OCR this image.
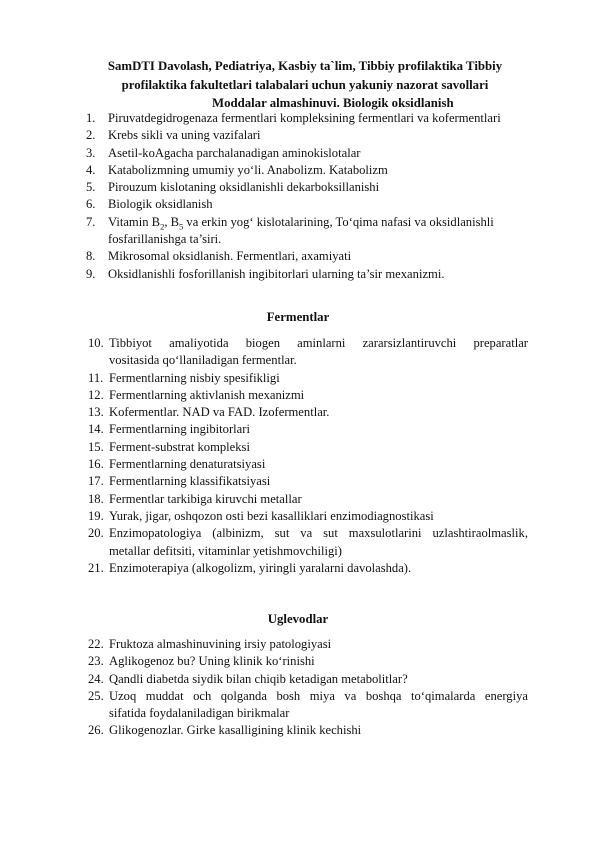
SamDTI Davolash, Pediatriya, Kasbiy ta`lim, Tibbiy profilaktika Tibbiy profilaktika fakultetlari talabalari uchun yakuniy nazorat savollari
Moddalar almashinuvi. Biologik oksidlanish
1. Piruvatdegidrogenaza fermentlari kompleksining fermentlari va kofermentlari
2. Krebs sikli va uning vazifalari
3. Asetil-koAgacha parchalanadigan aminokislotalar
4. Katabolizmning umumiy yo‘li. Anabolizm. Katabolizm
5. Pirouzum kislotaning oksidlanishli dekarboksillanishi
6. Biologik oksidlanish
7. Vitamin $B_2$, $B_5$ va erkin yog‘ kislotalarining, To‘qima nafasi va oksidlanishli fosfarillanishga ta’siri.
8. Mikrosomal oksidlanish. Fermentlari, axamiyati
9. Oksidlanishli fosforillanish ingibitorlari ularning ta’sir mexanizmi.
Fermentlar
10. Tibbiyot amaliyotida biogen aminlarni zararsizlantiruvchi preparatlar
vositasida qo‘llaniladigan fermentlar.
11. Fermentlarning nisbiy spesifikligi
12. Fermentlarning aktivlanish mexanizmi
13. Kofermentlar. NAD va FAD. Izofermentlar.
14. Fermentlarning ingibitorlari
15. Ferment-substrat kompleksi
16. Fermentlarning denaturatsiyasi
17. Fermentlarning klassifikatsiyasi
18. Fermentlar tarkibiga kiruvchi metallar
19. Yurak, jigar, oshqozon osti bezi kasalliklari enzimodiagnostikasi
20. Enzimopatologiya (albinizm, sut va sut maxsulotlarini uzlashtiraolmaslik,
metallar defitsiti, vitaminlar yetishmovchiligi)
21. Enzimoterapiya (alkogolizm, yiringli yaralarni davolashda).
Uglevodlar
22. Fruktoza almashinuvining irsiy patologiyasi
23. Aglikogenoz bu? Uning klinik ko‘rinishi
24. Qandli diabetda siydik bilan chiqib ketadigan metabolitlar?
25. Uzoq muddat och qolganda bosh miya va boshqa to‘qimalarda energiya
sifatida foydalaniladigan birikmalar
26. Glikogenozlar. Girke kasalligining klinik kechishi
